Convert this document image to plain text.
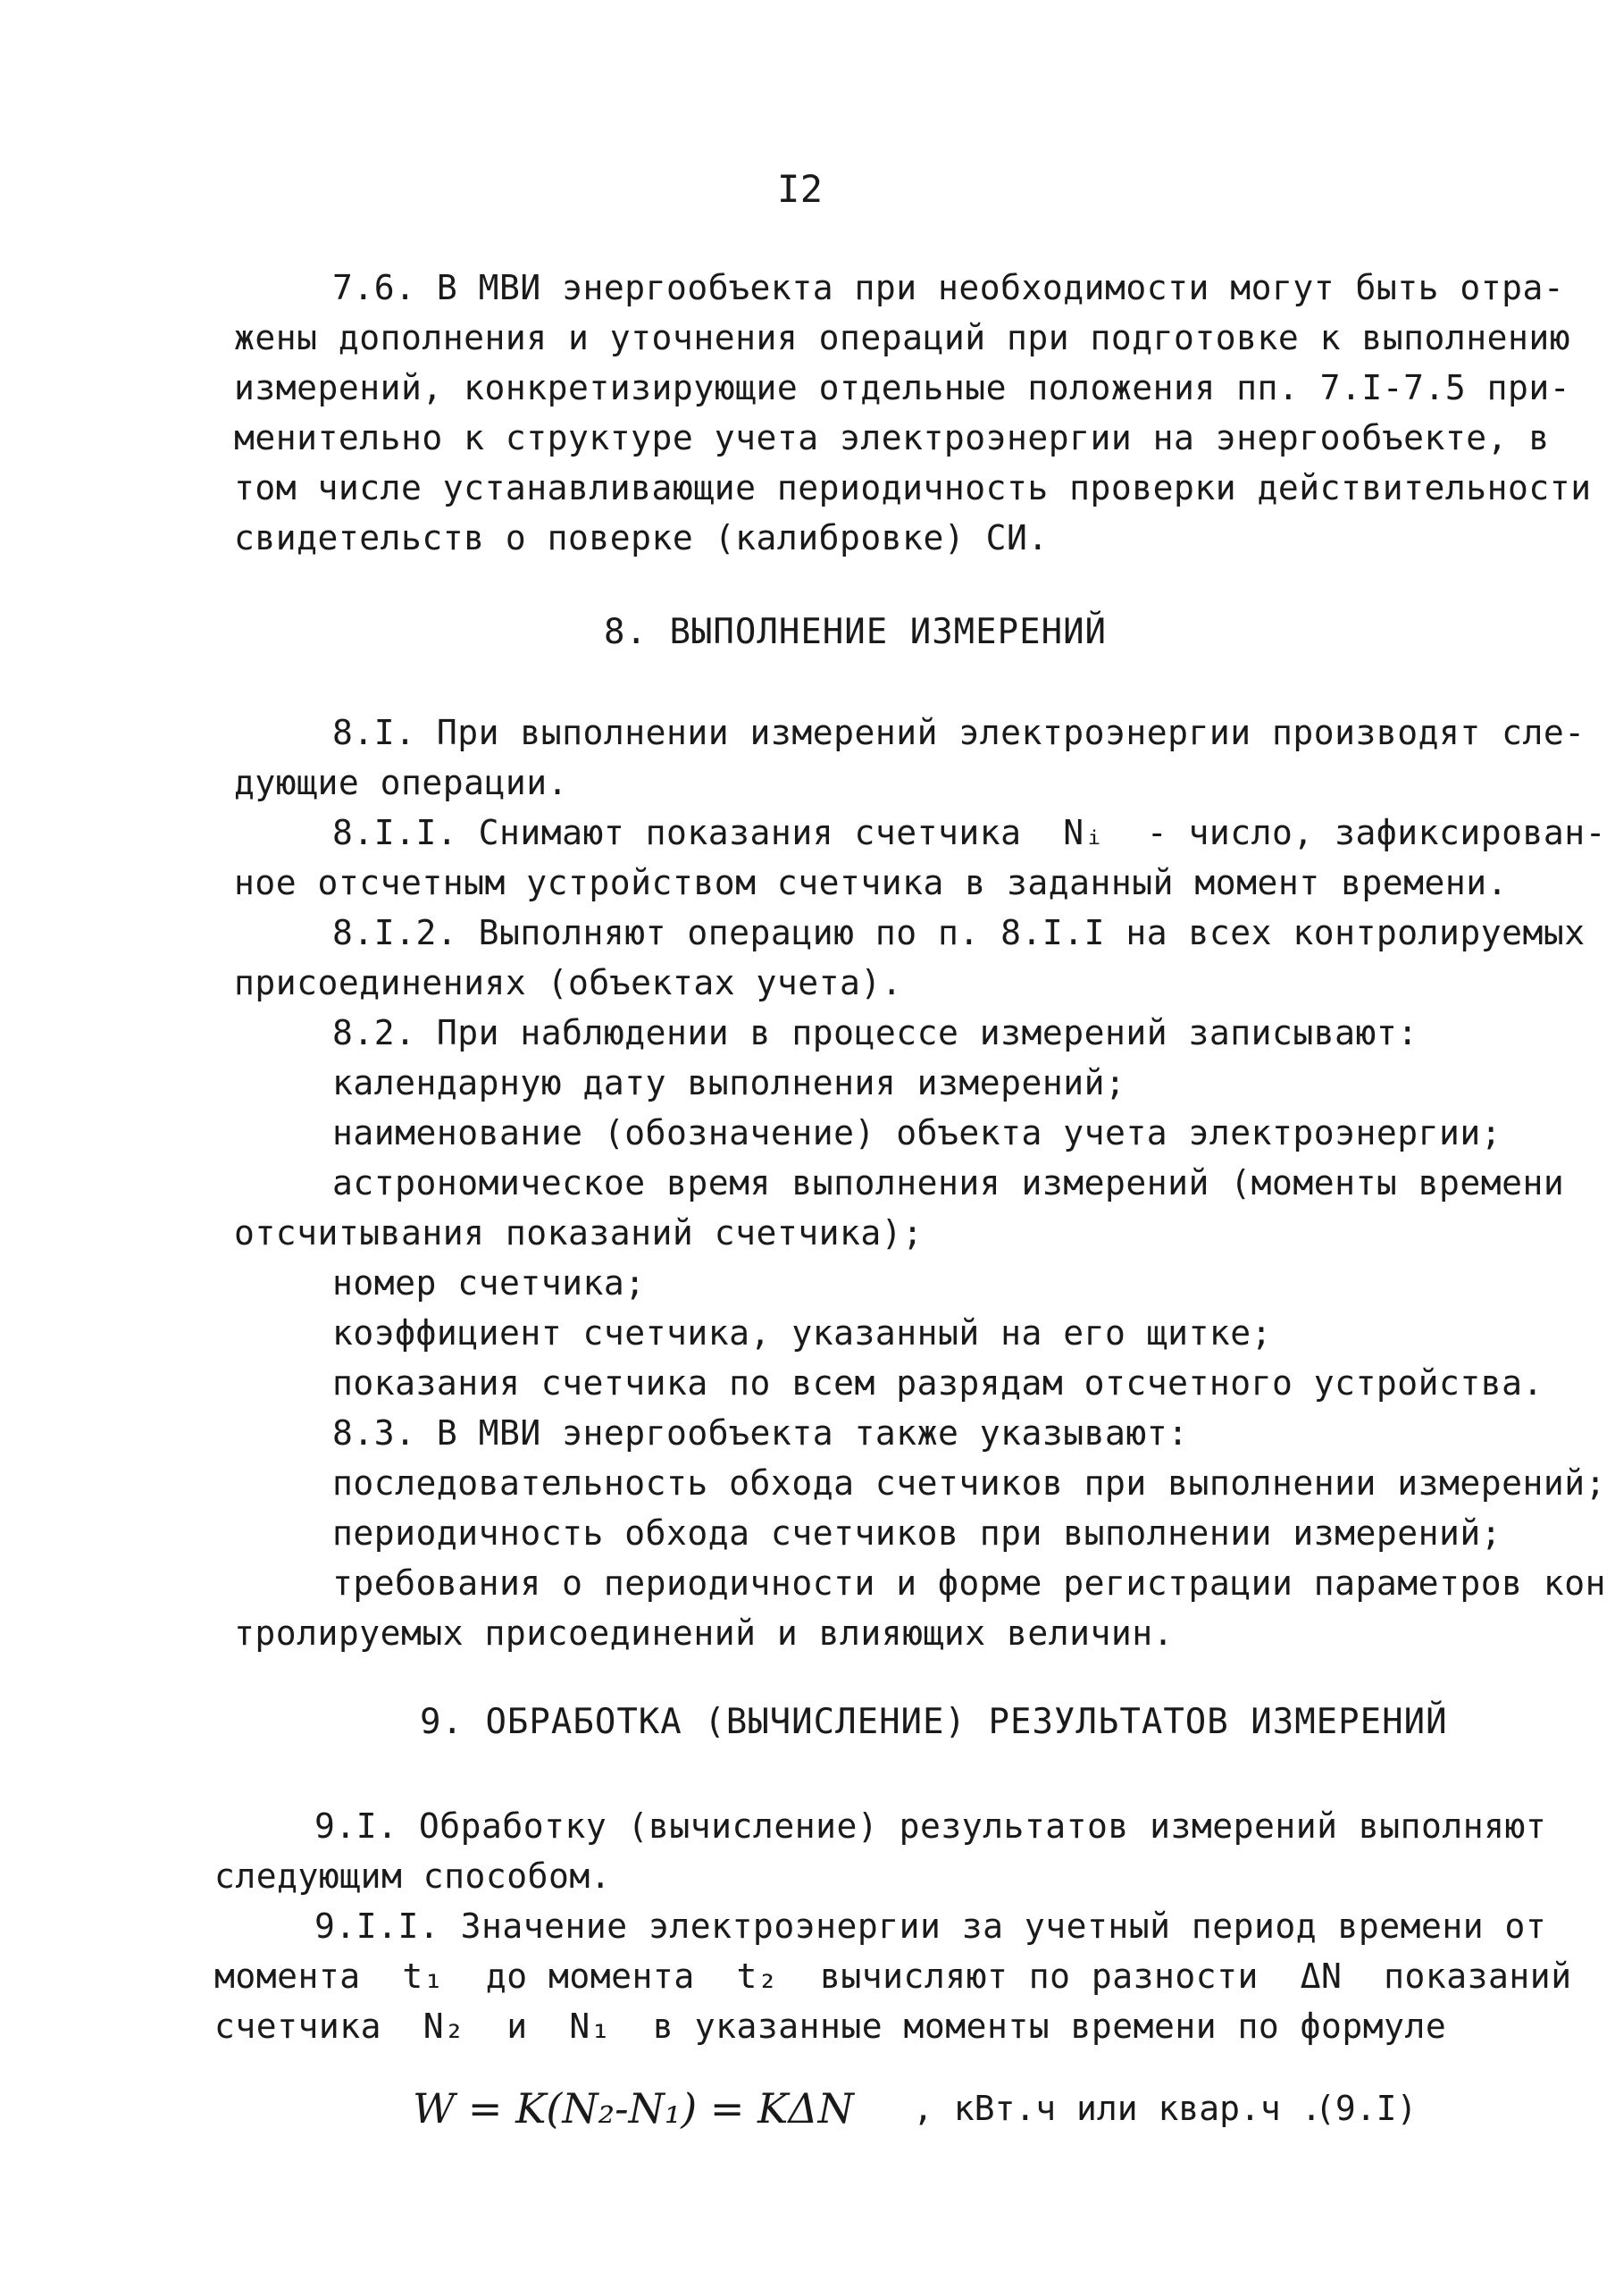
I2
7.6. В МВИ энергообъекта при необходимости могут быть отра-
жены дополнения и уточнения операций при подготовке к выполнению
измерений, конкретизирующие отдельные положения пп. 7.I-7.5 при-
менительно к структуре учета электроэнергии на энергообъекте, в
том числе устанавливающие периодичность проверки действительности
свидетельств о поверке (калибровке) СИ.
8. ВЫПОЛНЕНИЕ ИЗМЕРЕНИЙ
8.I. При выполнении измерений электроэнергии производят сле-
дующие операции.
8.I.I. Снимают показания счетчика  Nᵢ  - число, зафиксирован-
ное отсчетным устройством счетчика в заданный момент времени.
8.I.2. Выполняют операцию по п. 8.I.I на всех контролируемых
присоединениях (объектах учета).
8.2. При наблюдении в процессе измерений записывают:
календарную дату выполнения измерений;
наименование (обозначение) объекта учета электроэнергии;
астрономическое время выполнения измерений (моменты времени
отсчитывания показаний счетчика);
номер счетчика;
коэффициент счетчика, указанный на его щитке;
показания счетчика по всем разрядам отсчетного устройства.
8.3. В МВИ энергообъекта также указывают:
последовательность обхода счетчиков при выполнении измерений;
периодичность обхода счетчиков при выполнении измерений;
требования о периодичности и форме регистрации параметров кон
тролируемых присоединений и влияющих величин.
9. ОБРАБОТКА (ВЫЧИСЛЕНИЕ) РЕЗУЛЬТАТОВ ИЗМЕРЕНИЙ
9.I. Обработку (вычисление) результатов измерений выполняют
следующим способом.
9.I.I. Значение электроэнергии за учетный период времени от
момента  t₁  до момента  t₂  вычисляют по разности  ΔN  показаний
счетчика  N₂  и  N₁  в указанные моменты времени по формуле
W = K(N₂-N₁) = KΔN , кВт.ч или квар.ч .
(9.I)
